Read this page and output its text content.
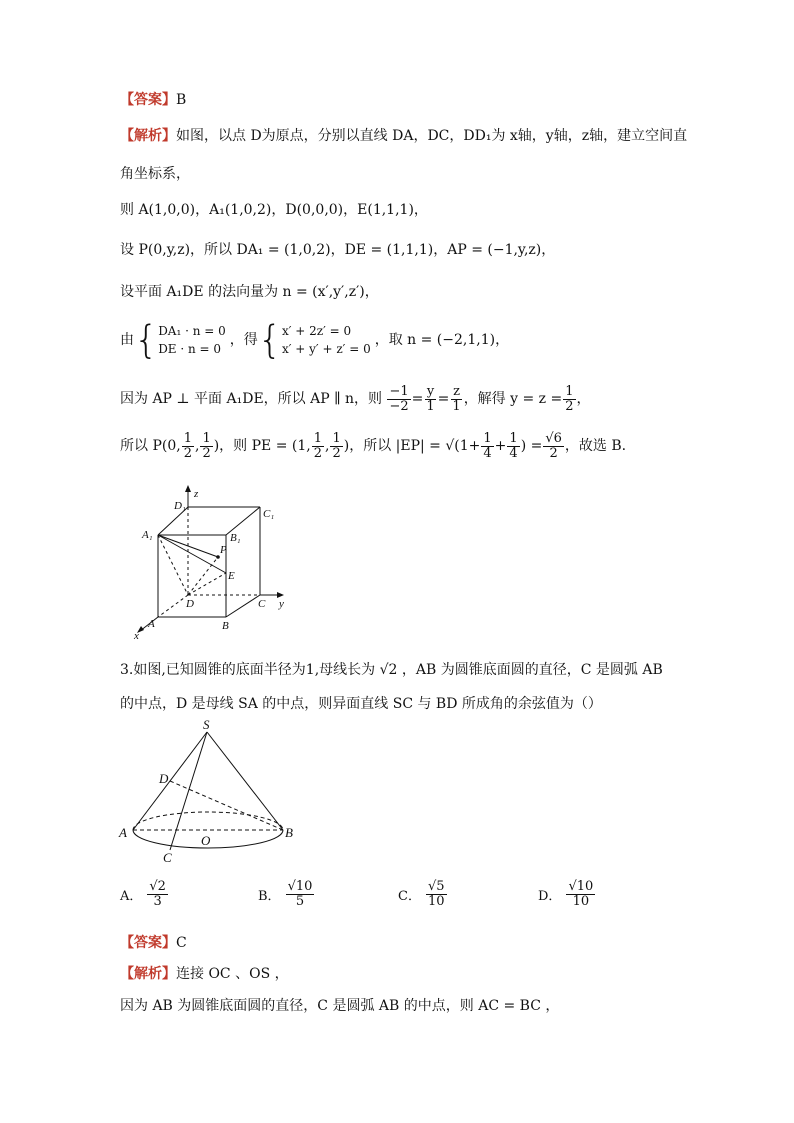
【答案】B
【解析】如图，以点 D为原点，分别以直线 DA，DC，DD₁为 x轴，y轴，z轴，建立空间直
角坐标系，
则 A(1,0,0)，A₁(1,0,2)，D(0,0,0)，E(1,1,1)，
设 P(0,y,z)，所以 DA₁ = (1,0,2)，DE = (1,1,1)，AP = (−1,y,z)，
设平面 A₁DE 的法向量为 n = (x′,y′,z′)，
由{ DA₁ · n = 0
DE · n = 0
，得{ x′ + 2z′ = 0
x′ + y′ + z′ = 0
，取 n = (−2,1,1)，
因为 AP ⊥ 平面 A₁DE，所以 AP ∥ n，则 $\frac{-1}{-2} = \frac{y}{1} = \frac{z}{1}$ ，解得 $y = z = \frac{1}{2}$ ，
所以 P(0, $\frac{1}{2}$ , $\frac{1}{2}$ )，则 PE = (1, $\frac{1}{2}$ , $\frac{1}{2}$ )，所以 $|EP| = √(1+ \frac{1}{4} + \frac{1}{4}$ ) = $\frac{√6}{2}$ ，故选 B.
D₁
z
C₁
A₁	B₁
P
E
D	C y
A	B
x
3.如图,已知圆锥的底面半径为1,母线长为 √2 ，AB 为圆锥底面圆的直径，C 是圆弧 AB
的中点，D 是母线 SA 的中点，则异面直线 SC 与 BD 所成角的余弦值为（）
S
D
A
O
B
C
A． $\frac{√2}{3}$	B． $\frac{√10}{5}$	C． $\frac{√5}{10}$	D． $\frac{√10}{10}$
【答案】C
【解析】连接 OC 、OS ，
因为 AB 为圆锥底面圆的直径，C 是圆弧 AB 的中点，则 AC = BC ，
